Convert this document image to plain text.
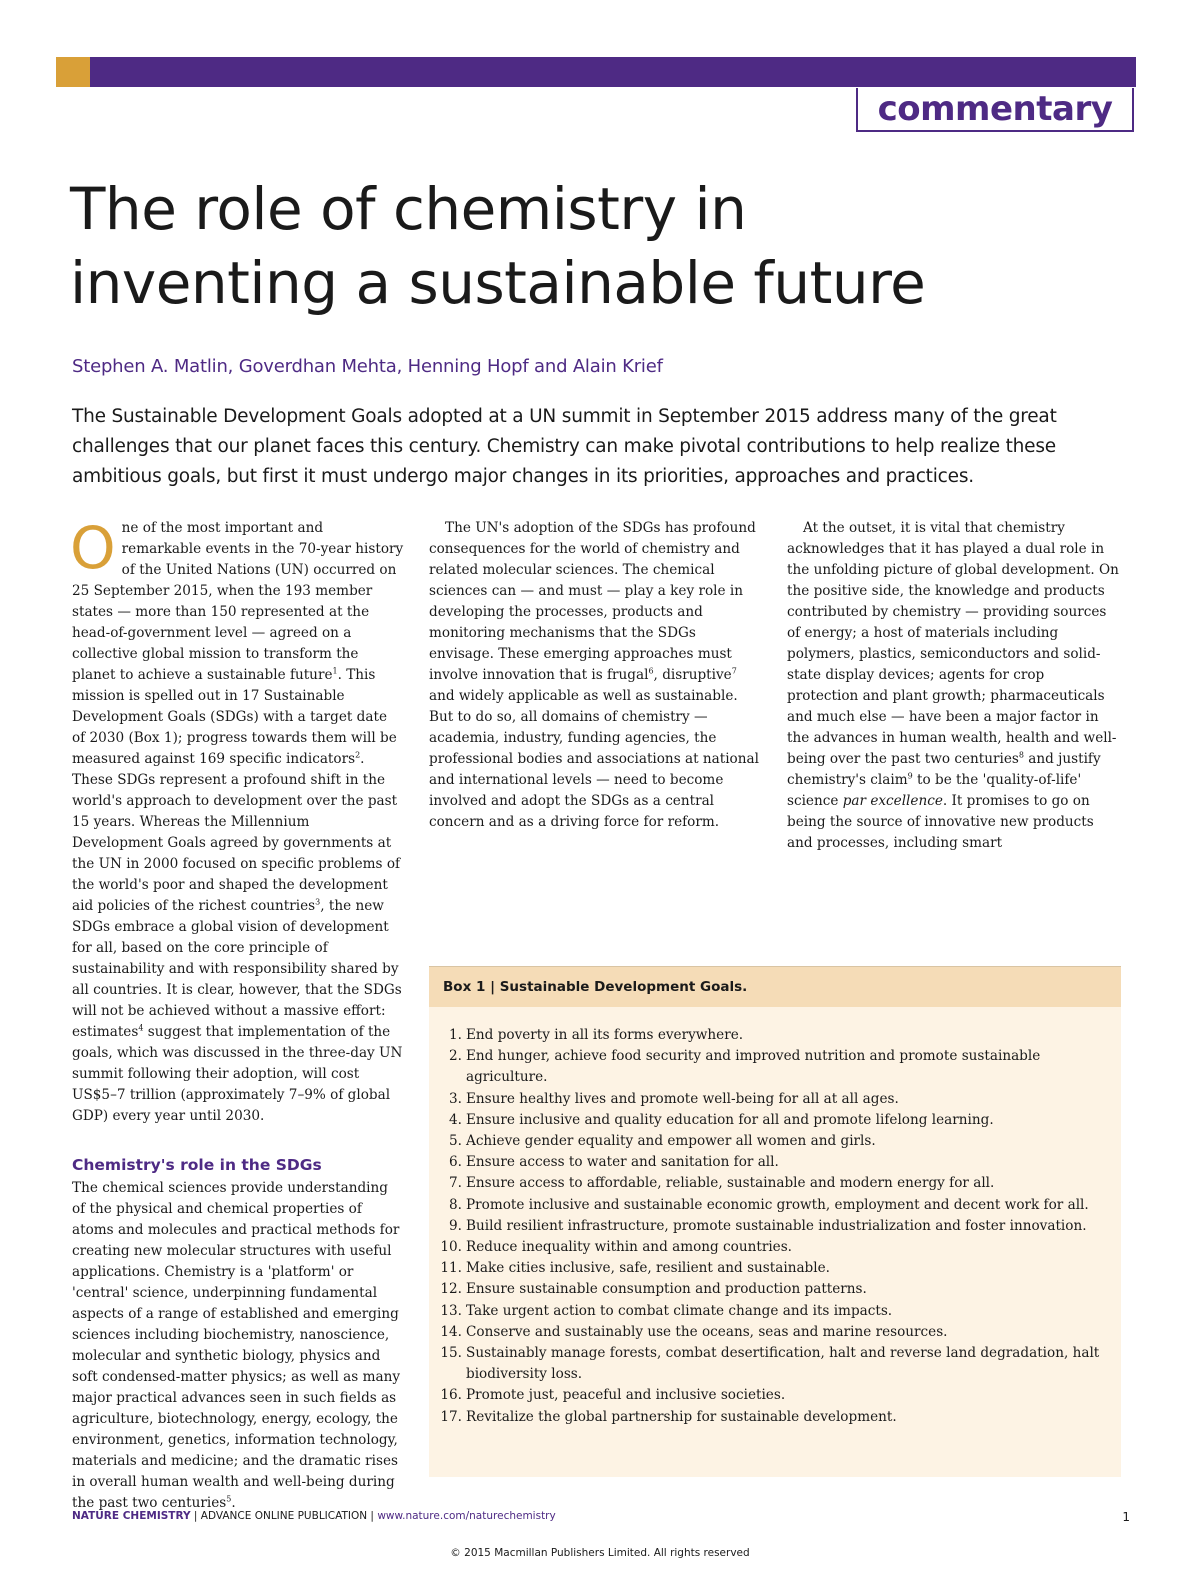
commentary
The role of chemistry in
inventing a sustainable future
Stephen A. Matlin, Goverdhan Mehta, Henning Hopf and Alain Krief

The Sustainable Development Goals adopted at a UN summit in September 2015 address many of the great challenges that our planet faces this century. Chemistry can make pivotal contributions to help realize these ambitious goals, but first it must undergo major changes in its priorities, approaches and practices.

One of the most important and remarkable events in the 70-year history of the United Nations (UN) occurred on 25 September 2015, when the 193 member states — more than 150 represented at the head-of-government level — agreed on a collective global mission to transform the planet to achieve a sustainable future$^1$. This mission is spelled out in 17 Sustainable Development Goals (SDGs) with a target date of 2030 (Box 1); progress towards them will be measured against 169 specific indicators$^2$. These SDGs represent a profound shift in the world's approach to development over the past 15 years. Whereas the Millennium Development Goals agreed by governments at the UN in 2000 focused on specific problems of the world's poor and shaped the development aid policies of the richest countries$^3$, the new SDGs embrace a global vision of development for all, based on the core principle of sustainability and with responsibility shared by all countries. It is clear, however, that the SDGs will not be achieved without a massive effort: estimates$^4$ suggest that implementation of the goals, which was discussed in the three-day UN summit following their adoption, will cost US$5–7 trillion (approximately 7–9% of global GDP) every year until 2030.

Chemistry's role in the SDGs

The chemical sciences provide understanding of the physical and chemical properties of atoms and molecules and practical methods for creating new molecular structures with useful applications. Chemistry is a 'platform' or 'central' science, underpinning fundamental aspects of a range of established and emerging sciences including biochemistry, nanoscience, molecular and synthetic biology, physics and soft condensed-matter physics; as well as many major practical advances seen in such fields as agriculture, biotechnology, energy, ecology, the environment, genetics, information technology, materials and medicine; and the dramatic rises in overall human wealth and well-being during the past two centuries$^5$.

The UN's adoption of the SDGs has profound consequences for the world of chemistry and related molecular sciences. The chemical sciences can — and must — play a key role in developing the processes, products and monitoring mechanisms that the SDGs envisage. These emerging approaches must involve innovation that is frugal$^6$, disruptive$^7$ and widely applicable as well as sustainable. But to do so, all domains of chemistry — academia, industry, funding agencies, the professional bodies and associations at national and international levels — need to become involved and adopt the SDGs as a central concern and as a driving force for reform.

At the outset, it is vital that chemistry acknowledges that it has played a dual role in the unfolding picture of global development. On the positive side, the knowledge and products contributed by chemistry — providing sources of energy; a host of materials including polymers, plastics, semiconductors and solid-state display devices; agents for crop protection and plant growth; pharmaceuticals and much else — have been a major factor in the advances in human wealth, health and well-being over the past two centuries$^8$ and justify chemistry's claim$^9$ to be the 'quality-of-life' science par excellence. It promises to go on being the source of innovative new products and processes, including smart

Box 1 | Sustainable Development Goals.
1. End poverty in all its forms everywhere.
2. End hunger, achieve food security and improved nutrition and promote sustainable agriculture.
3. Ensure healthy lives and promote well-being for all at all ages.
4. Ensure inclusive and quality education for all and promote lifelong learning.
5. Achieve gender equality and empower all women and girls.
6. Ensure access to water and sanitation for all.
7. Ensure access to affordable, reliable, sustainable and modern energy for all.
8. Promote inclusive and sustainable economic growth, employment and decent work for all.
9. Build resilient infrastructure, promote sustainable industrialization and foster innovation.
10. Reduce inequality within and among countries.
11. Make cities inclusive, safe, resilient and sustainable.
12. Ensure sustainable consumption and production patterns.
13. Take urgent action to combat climate change and its impacts.
14. Conserve and sustainably use the oceans, seas and marine resources.
15. Sustainably manage forests, combat desertification, halt and reverse land degradation, halt biodiversity loss.
16. Promote just, peaceful and inclusive societies.
17. Revitalize the global partnership for sustainable development.
NATURE CHEMISTRY | ADVANCE ONLINE PUBLICATION | www.nature.com/naturechemistry	1
© 2015 Macmillan Publishers Limited. All rights reserved
